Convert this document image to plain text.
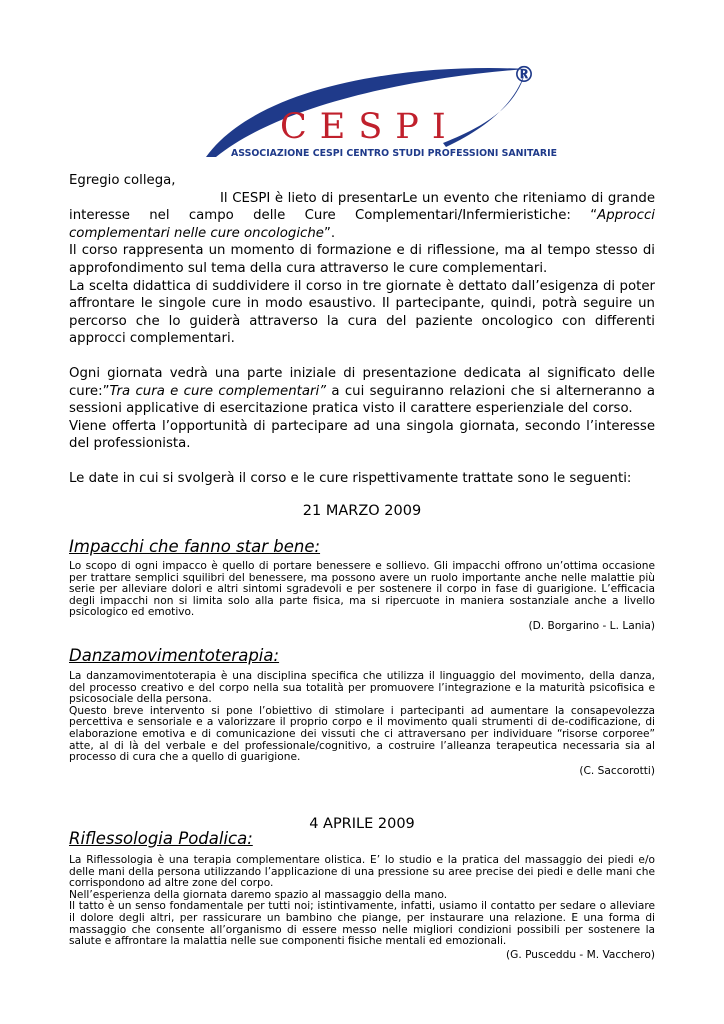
®
CESPI
ASSOCIAZIONE CESPI CENTRO STUDI PROFESSIONI SANITARIE

Egregio collega,

Il CESPI è lieto di presentarLe un evento che riteniamo di grande interesse nel campo delle Cure Complementari/Infermieristiche: “Approcci complementari nelle cure oncologiche”.

Il corso rappresenta un momento di formazione e di riflessione, ma al tempo stesso di approfondimento sul tema della cura attraverso le cure complementari.

La scelta didattica di suddividere il corso in tre giornate è dettato dall’esigenza di poter affrontare le singole cure in modo esaustivo. Il partecipante, quindi, potrà seguire un percorso che lo guiderà attraverso la cura del paziente oncologico con differenti approcci complementari.

Ogni giornata vedrà una parte iniziale di presentazione dedicata al significato delle cure:”Tra cura e cure complementari” a cui seguiranno relazioni che si alterneranno a sessioni applicative di esercitazione pratica visto il carattere esperienziale del corso.

Viene offerta l’opportunità di partecipare ad una singola giornata, secondo l’interesse del professionista.

Le date in cui si svolgerà il corso e le cure rispettivamente trattate sono le seguenti:

21 MARZO 2009
Impacchi che fanno star bene:

Lo scopo di ogni impacco è quello di portare benessere e sollievo. Gli impacchi offrono un’ottima occasione per trattare semplici squilibri del benessere, ma possono avere un ruolo importante anche nelle malattie più serie per alleviare dolori e altri sintomi sgradevoli e per sostenere il corpo in fase di guarigione. L’efficacia degli impacchi non si limita solo alla parte fisica, ma si ripercuote in maniera sostanziale anche a livello psicologico ed emotivo.

(D. Borgarino - L. Lania)

Danzamovimentoterapia:

La danzamovimentoterapia è una disciplina specifica che utilizza il linguaggio del movimento, della danza, del processo creativo e del corpo nella sua totalità per promuovere l’integrazione e la maturità psicofisica e psicosociale della persona.

Questo breve intervento si pone l’obiettivo di stimolare i partecipanti ad aumentare la consapevolezza percettiva e sensoriale e a valorizzare il proprio corpo e il movimento quali strumenti di de-codificazione, di elaborazione emotiva e di comunicazione dei vissuti che ci attraversano per individuare “risorse corporee” atte, al di là del verbale e del professionale/cognitivo, a costruire l’alleanza terapeutica necessaria sia al processo di cura che a quello di guarigione.

(C. Saccorotti)

4 APRILE 2009
Riflessologia Podalica:

La Riflessologia è una terapia complementare olistica. E’ lo studio e la pratica del massaggio dei piedi e/o delle mani della persona utilizzando l’applicazione di una pressione su aree precise dei piedi e delle mani che corrispondono ad altre zone del corpo.

Nell’esperienza della giornata daremo spazio al massaggio della mano.

Il tatto è un senso fondamentale per tutti noi; istintivamente, infatti, usiamo il contatto per sedare o alleviare il dolore degli altri, per rassicurare un bambino che piange, per instaurare una relazione. E una forma di massaggio che consente all’organismo di essere messo nelle migliori condizioni possibili per sostenere la salute e affrontare la malattia nelle sue componenti fisiche mentali ed emozionali.

(G. Pusceddu - M. Vacchero)
